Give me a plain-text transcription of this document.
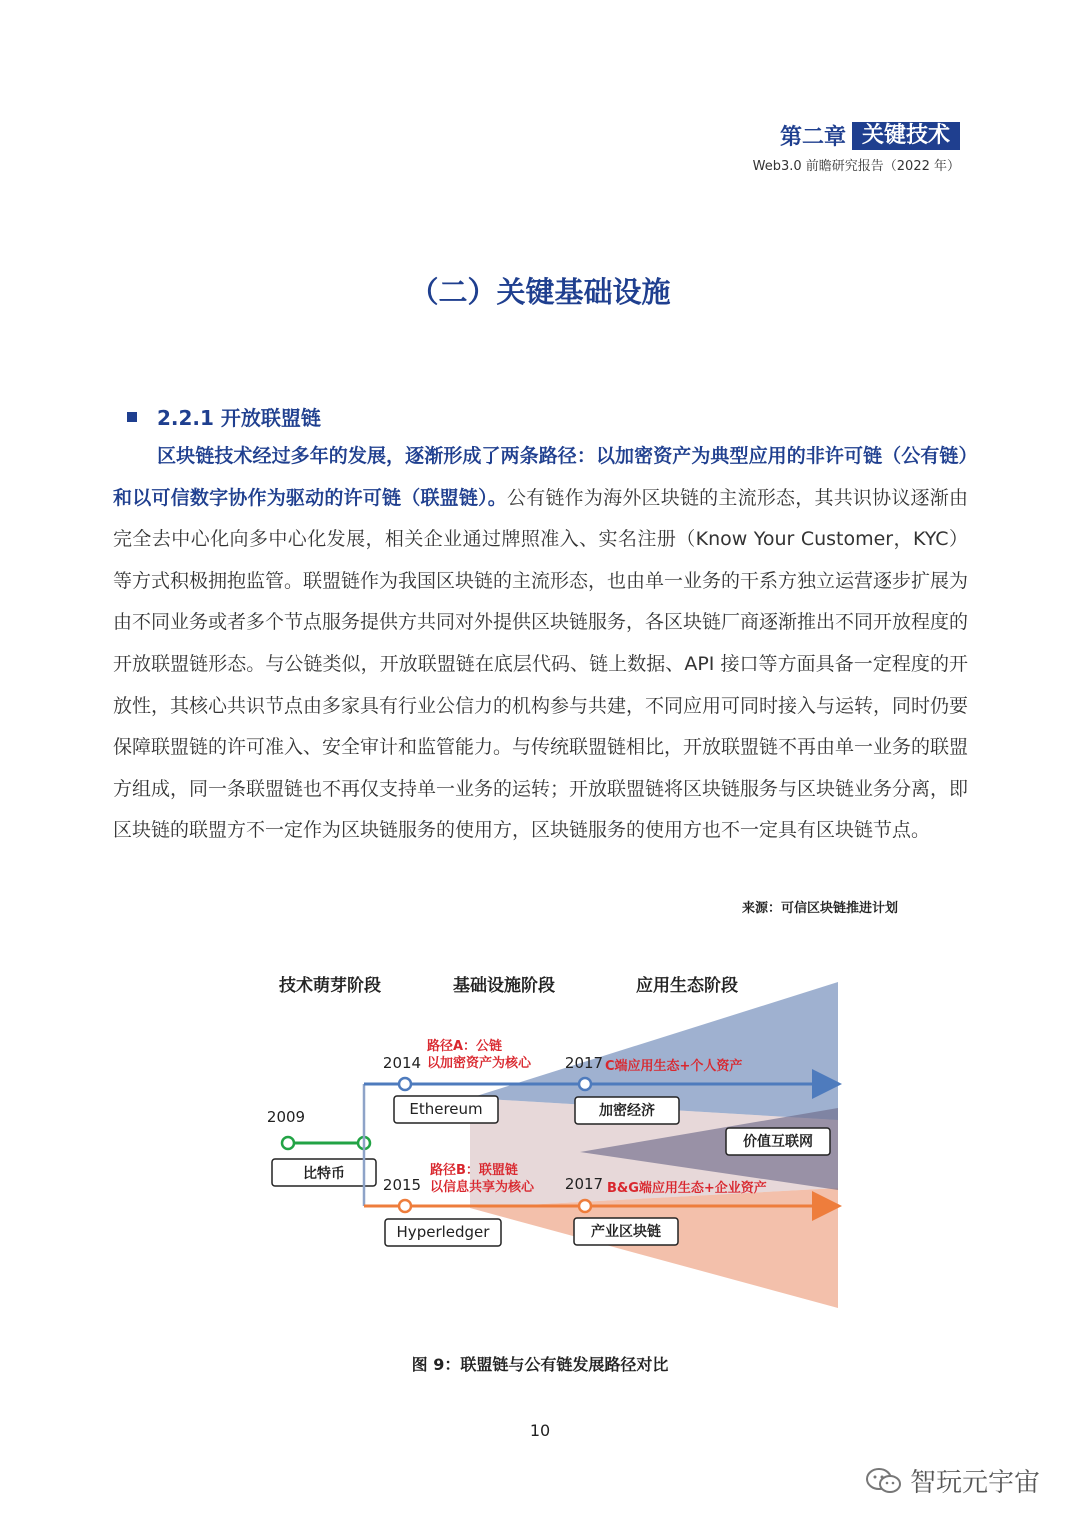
第二章 关键技术
Web3.0 前瞻研究报告（2022 年）
（二）关键基础设施
2.2.1 开放联盟链
区块链技术经过多年的发展，逐渐形成了两条路径：以加密资产为典型应用的非许可链（公有链）和以可信数字协作为驱动的许可链（联盟链）。公有链作为海外区块链的主流形态，其共识协议逐渐由完全去中心化向多中心化发展，相关企业通过牌照准入、实名注册（Know Your Customer，KYC）等方式积极拥抱监管。联盟链作为我国区块链的主流形态，也由单一业务的干系方独立运营逐步扩展为由不同业务或者多个节点服务提供方共同对外提供区块链服务，各区块链厂商逐渐推出不同开放程度的开放联盟链形态。与公链类似，开放联盟链在底层代码、链上数据、API 接口等方面具备一定程度的开放性，其核心共识节点由多家具有行业公信力的机构参与共建，不同应用可同时接入与运转，同时仍要保障联盟链的许可准入、安全审计和监管能力。与传统联盟链相比，开放联盟链不再由单一业务的联盟方组成，同一条联盟链也不再仅支持单一业务的运转；开放联盟链将区块链服务与区块链业务分离，即区块链的联盟方不一定作为区块链服务的使用方，区块链服务的使用方也不一定具有区块链节点。
来源：可信区块链推进计划
技术萌芽阶段	基础设施阶段	应用生态阶段
2009
比特币
2014
路径A：公链
以加密资产为核心
Ethereum
2017 C端应用生态+个人资产
加密经济
价值互联网
2015
路径B：联盟链
以信息共享为核心
Hyperledger
2017 B&G端应用生态+企业资产
产业区块链
图 9：联盟链与公有链发展路径对比
10
智玩元宇宙
